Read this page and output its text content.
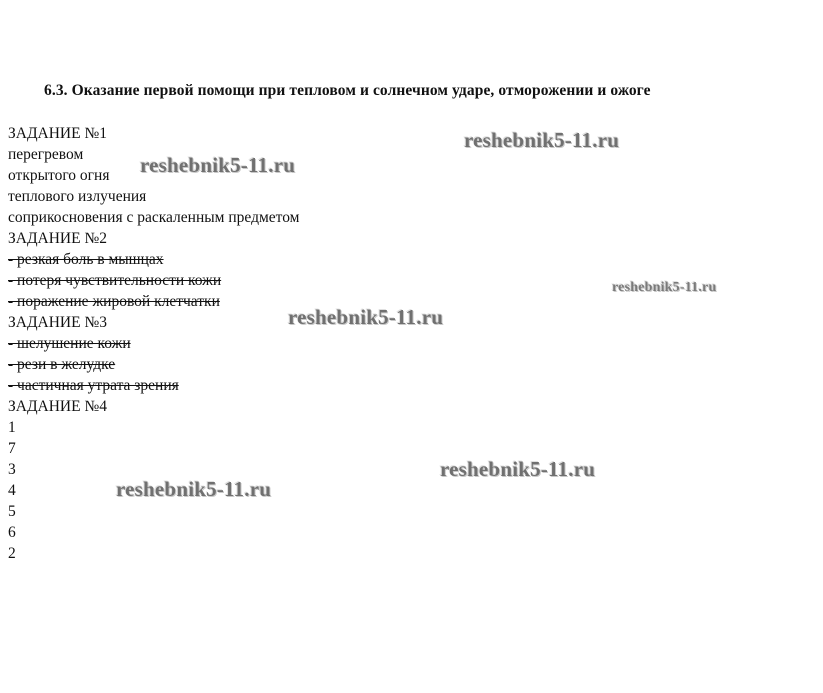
6.3. Оказание первой помощи при тепловом и солнечном ударе, отморожении и ожоге
ЗАДАНИЕ №1
перегревом
открытого огня
теплового излучения
соприкосновения с раскаленным предметом
ЗАДАНИЕ №2
- резкая боль в мышцах
- потеря чувствительности кожи
- поражение жировой клетчатки
ЗАДАНИЕ №3
- шелушение кожи
- рези в желудке
- частичная утрата зрения
ЗАДАНИЕ №4
1
7
3
4
5
6
2
reshebnik5-11.ru
reshebnik5-11.ru
reshebnik5-11.ru
reshebnik5-11.ru
reshebnik5-11.ru
reshebnik5-11.ru
